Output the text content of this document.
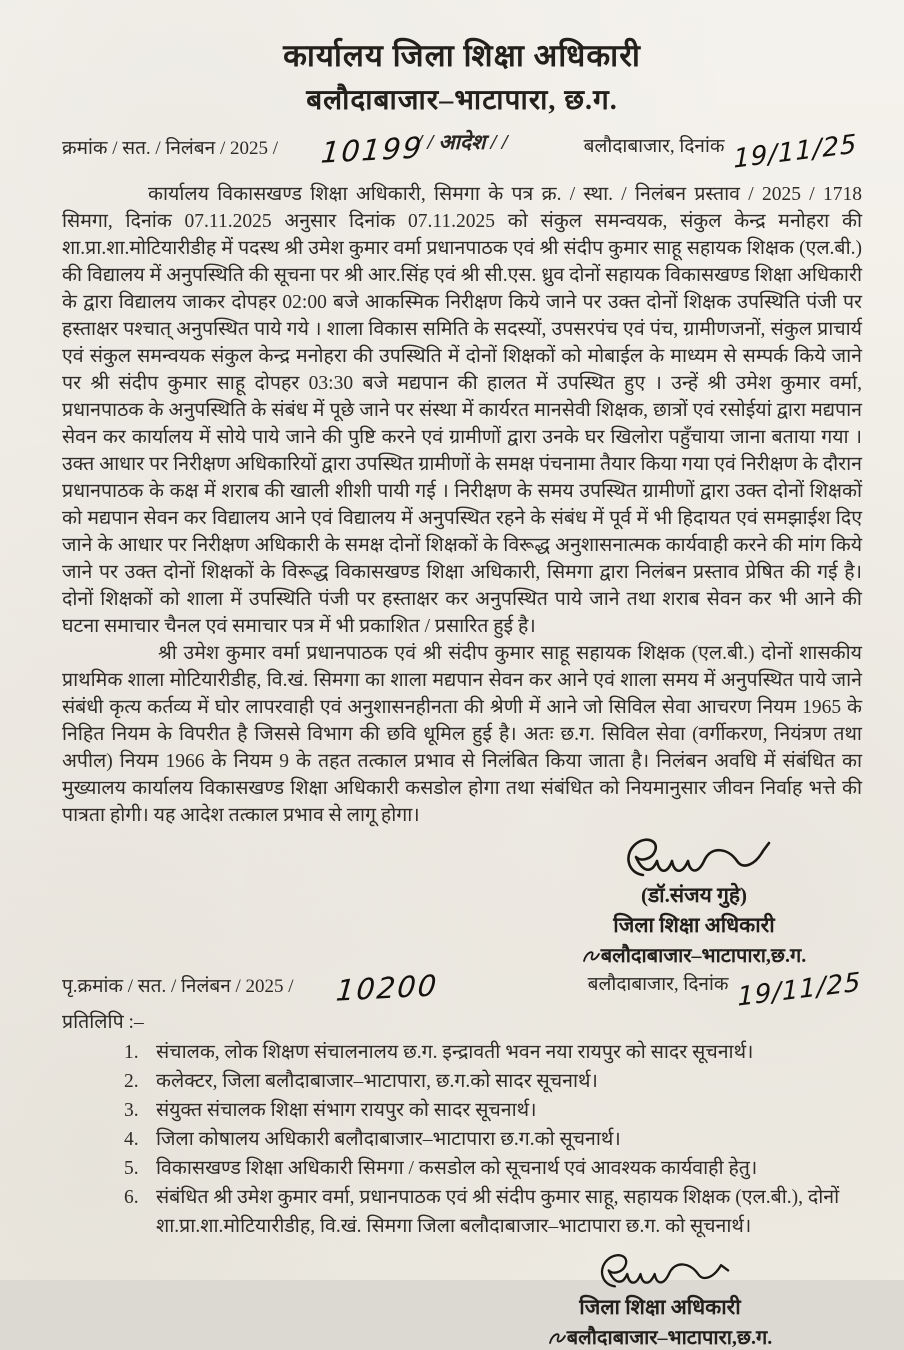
कार्यालय जिला शिक्षा अधिकारी
बलौदाबाजार–भाटापारा, छ.ग.
/ / आदेश / /
क्रमांक / सत. / निलंबन / 2025 / 10199	बलौदाबाजार, दिनांक 19/11/25

कार्यालय विकासखण्ड शिक्षा अधिकारी, सिमगा के पत्र क्र. / स्था. / निलंबन प्रस्ताव / 2025 / 1718 सिमगा, दिनांक 07.11.2025 अनुसार दिनांक 07.11.2025 को संकुल समन्वयक, संकुल केन्द्र मनोहरा की शा.प्रा.शा.मोटियारीडीह में पदस्थ श्री उमेश कुमार वर्मा प्रधानपाठक एवं श्री संदीप कुमार साहू सहायक शिक्षक (एल.बी.) की विद्यालय में अनुपस्थिति की सूचना पर श्री आर.सिंह एवं श्री सी.एस. ध्रुव दोनों सहायक विकासखण्ड शिक्षा अधिकारी के द्वारा विद्यालय जाकर दोपहर 02:00 बजे आकस्मिक निरीक्षण किये जाने पर उक्त दोनों शिक्षक उपस्थिति पंजी पर हस्ताक्षर पश्चात् अनुपस्थित पाये गये । शाला विकास समिति के सदस्यों, उपसरपंच एवं पंच, ग्रामीणजनों, संकुल प्राचार्य एवं संकुल समन्वयक संकुल केन्द्र मनोहरा की उपस्थिति में दोनों शिक्षकों को मोबाईल के माध्यम से सम्पर्क किये जाने पर श्री संदीप कुमार साहू दोपहर 03:30 बजे मद्यपान की हालत में उपस्थित हुए । उन्हें श्री उमेश कुमार वर्मा, प्रधानपाठक के अनुपस्थिति के संबंध में पूछे जाने पर संस्था में कार्यरत मानसेवी शिक्षक, छात्रों एवं रसोईयां द्वारा मद्यपान सेवन कर कार्यालय में सोये पाये जाने की पुष्टि करने एवं ग्रामीणों द्वारा उनके घर खिलोरा पहुँचाया जाना बताया गया । उक्त आधार पर निरीक्षण अधिकारियों द्वारा उपस्थित ग्रामीणों के समक्ष पंचनामा तैयार किया गया एवं निरीक्षण के दौरान प्रधानपाठक के कक्ष में शराब की खाली शीशी पायी गई । निरीक्षण के समय उपस्थित ग्रामीणों द्वारा उक्त दोनों शिक्षकों को मद्यपान सेवन कर विद्यालय आने एवं विद्यालय में अनुपस्थित रहने के संबंध में पूर्व में भी हिदायत एवं समझाईश दिए जाने के आधार पर निरीक्षण अधिकारी के समक्ष दोनों शिक्षकों के विरूद्ध अनुशासनात्मक कार्यवाही करने की मांग किये जाने पर उक्त दोनों शिक्षकों के विरूद्ध विकासखण्ड शिक्षा अधिकारी, सिमगा द्वारा निलंबन प्रस्ताव प्रेषित की गई है। दोनों शिक्षकों को शाला में उपस्थिति पंजी पर हस्ताक्षर कर अनुपस्थित पाये जाने तथा शराब सेवन कर भी आने की घटना समाचार चैनल एवं समाचार पत्र में भी प्रकाशित / प्रसारित हुई है।

श्री उमेश कुमार वर्मा प्रधानपाठक एवं श्री संदीप कुमार साहू सहायक शिक्षक (एल.बी.) दोनों शासकीय प्राथमिक शाला मोटियारीडीह, वि.खं. सिमगा का शाला मद्यपान सेवन कर आने एवं शाला समय में अनुपस्थित पाये जाने संबंधी कृत्य कर्तव्य में घोर लापरवाही एवं अनुशासनहीनता की श्रेणी में आने जो सिविल सेवा आचरण नियम 1965 के निहित नियम के विपरीत है जिससे विभाग की छवि धूमिल हुई है। अतः छ.ग. सिविल सेवा (वर्गीकरण, नियंत्रण तथा अपील) नियम 1966 के नियम 9 के तहत तत्काल प्रभाव से निलंबित किया जाता है। निलंबन अवधि में संबंधित का मुख्यालय कार्यालय विकासखण्ड शिक्षा अधिकारी कसडोल होगा तथा संबंधित को नियमानुसार जीवन निर्वाह भत्ते की पात्रता होगी। यह आदेश तत्काल प्रभाव से लागू होगा।

(डॉ.संजय गुहे)
जिला शिक्षा अधिकारी
बलौदाबाजार–भाटापारा,छ.ग.
पृ.क्रमांक / सत. / निलंबन / 2025 / 10200	बलौदाबाजार, दिनांक 19/11/25
प्रतिलिपि :–
1. संचालक, लोक शिक्षण संचालनालय छ.ग. इन्द्रावती भवन नया रायपुर को सादर सूचनार्थ।
2. कलेक्टर, जिला बलौदाबाजार–भाटापारा, छ.ग.को सादर सूचनार्थ।
3. संयुक्त संचालक शिक्षा संभाग रायपुर को सादर सूचनार्थ।
4. जिला कोषालय अधिकारी बलौदाबाजार–भाटापारा छ.ग.को सूचनार्थ।
5. विकासखण्ड शिक्षा अधिकारी सिमगा / कसडोल को सूचनार्थ एवं आवश्यक कार्यवाही हेतु।
6. संबंधित श्री उमेश कुमार वर्मा, प्रधानपाठक एवं श्री संदीप कुमार साहू, सहायक शिक्षक (एल.बी.), दोनों शा.प्रा.शा.मोटियारीडीह, वि.खं. सिमगा जिला बलौदाबाजार–भाटापारा छ.ग. को सूचनार्थ।
जिला शिक्षा अधिकारी
बलौदाबाजार–भाटापारा,छ.ग.
